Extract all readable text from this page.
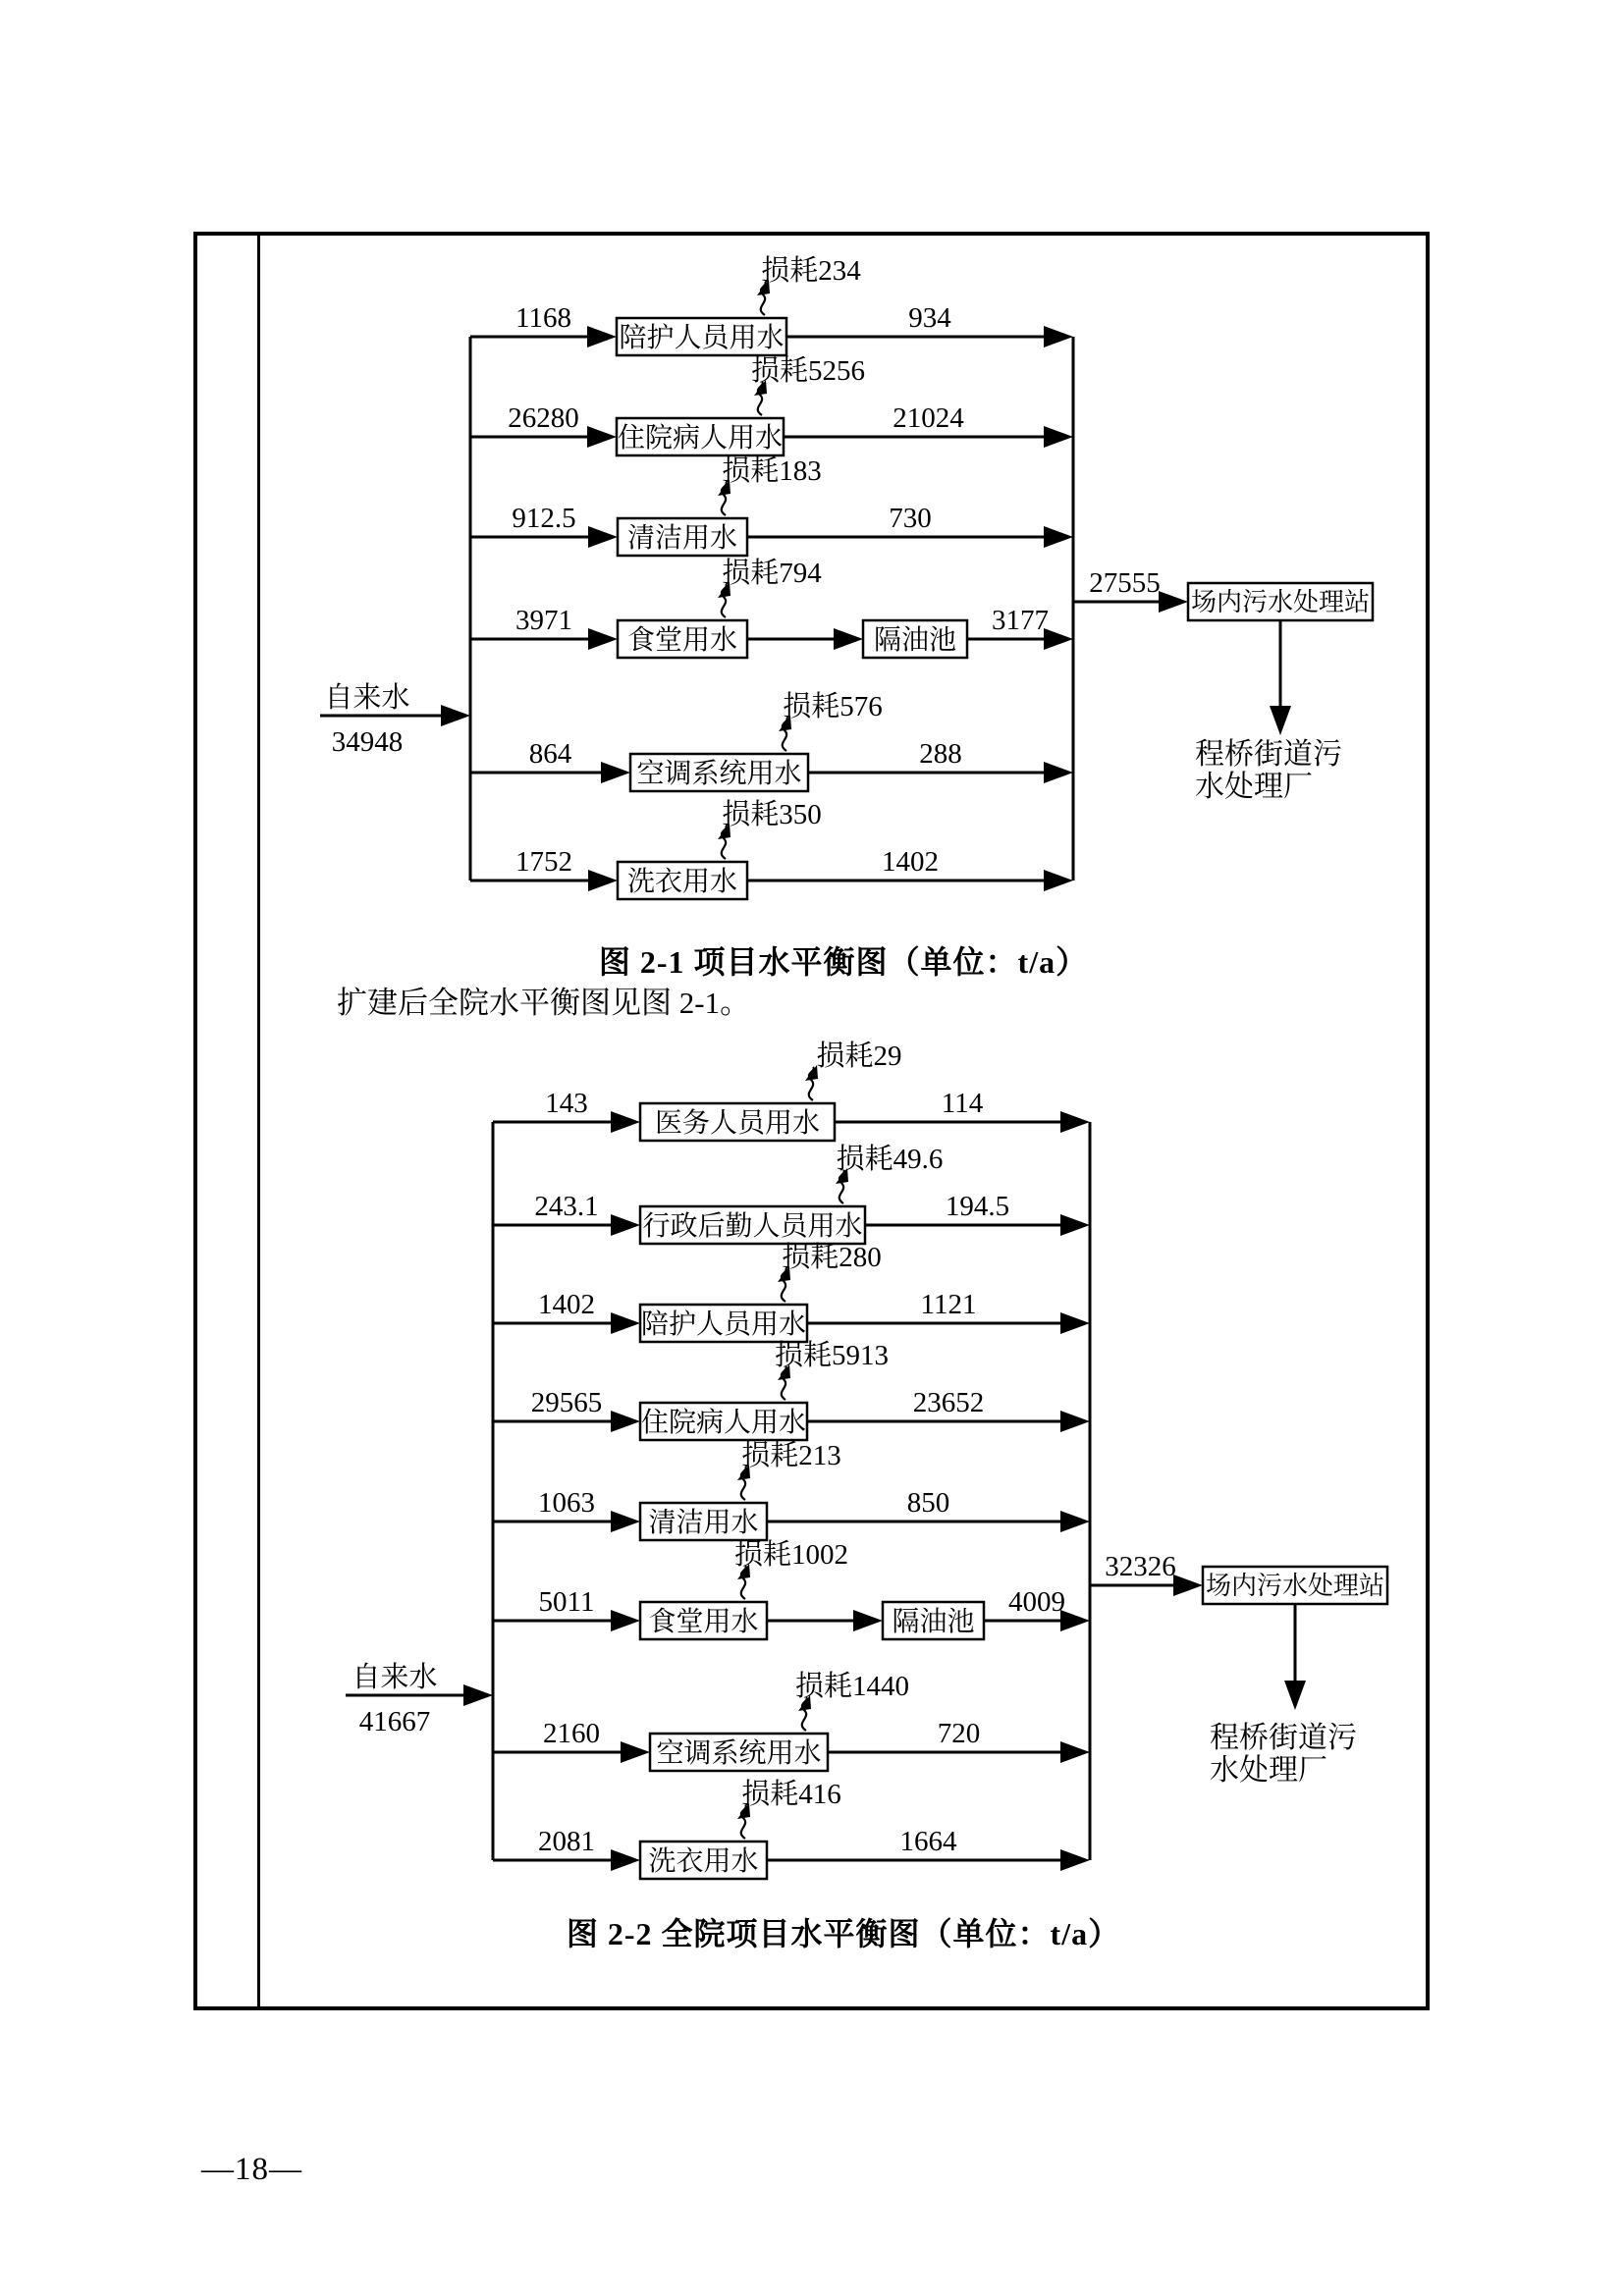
自来水
34948
陪护人员用水
1168	934
损耗234
住院病人用水
26280	21024
损耗5256
清洁用水
912.5	730
损耗183
食堂用水
3971
隔油池
3177
损耗794
空调系统用水
864	288
损耗576
洗衣用水
1752	1402
损耗350
27555
场内污水处理站
程桥街道污
水处理厂
自来水
41667
医务人员用水
143	114
损耗29
行政后勤人员用水
243.1	194.5
损耗49.6
陪护人员用水
1402	1121
损耗280
住院病人用水
29565	23652
损耗5913
清洁用水
1063	850
损耗213
食堂用水
5011
隔油池
4009
损耗1002
空调系统用水
2160	720
损耗1440
洗衣用水
2081	1664
损耗416
32326
场内污水处理站
程桥街道污
水处理厂
图 2-1 项目水平衡图（单位：t/a）
扩建后全院水平衡图见图 2-1。
图 2-2 全院项目水平衡图（单位：t/a）
—18—
